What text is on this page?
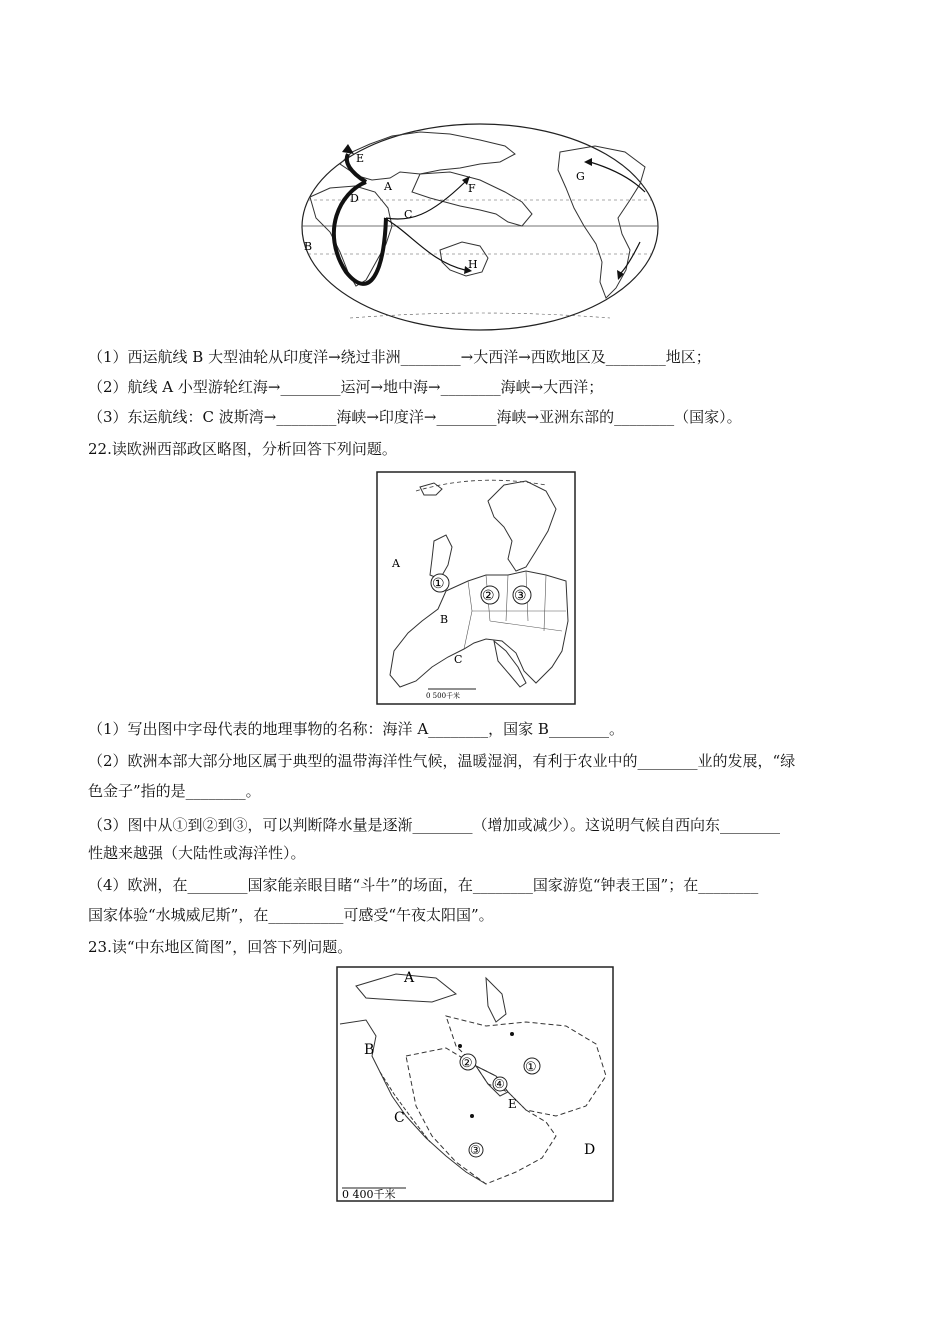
E
D
A
C
F
B
H
G
（1）西运航线 B 大型油轮从印度洋→绕过非洲________→大西洋→西欧地区及________地区；
（2）航线 A 小型游轮红海→________运河→地中海→________海峡→大西洋；
（3）东运航线：C 波斯湾→________海峡→印度洋→________海峡→亚洲东部的________（国家）。
22.读欧洲西部政区略图，分析回答下列问题。
A
①
② ③
B
C
0 500千米
（1）写出图中字母代表的地理事物的名称：海洋 A________，国家 B________。
（2）欧洲本部大部分地区属于典型的温带海洋性气候，温暖湿润，有利于农业中的________业的发展，“绿
色金子”指的是________。
（3）图中从①到②到③，可以判断降水量是逐渐________（增加或减少）。这说明气候自西向东________
性越来越强（大陆性或海洋性）。
（4）欧洲，在________国家能亲眼目睹“斗牛”的场面，在________国家游览“钟表王国”；在________
国家体验“水城威尼斯”，在__________可感受“午夜太阳国”。
23.读“中东地区简图”，回答下列问题。
A
B
②	①
④
E
C
③	D
0 400千米
